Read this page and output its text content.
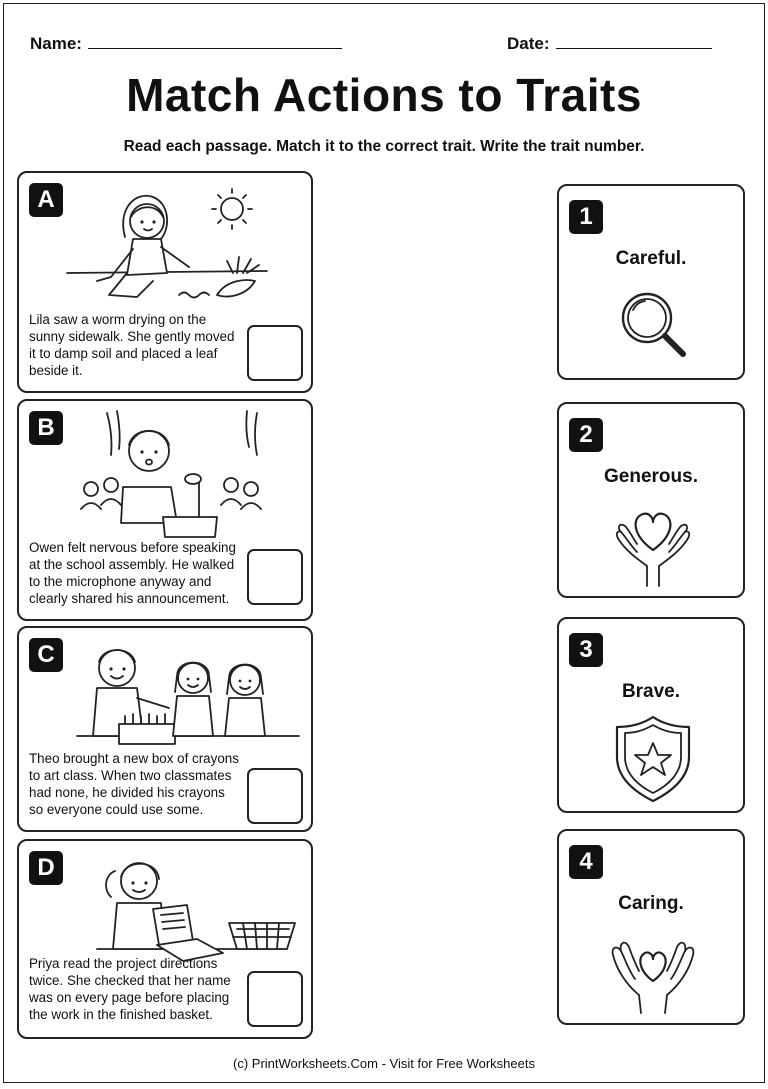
Name:	Date:
Match Actions to Traits
Read each passage. Match it to the correct trait. Write the trait number.
A
Lila saw a worm drying on the sunny sidewalk. She gently moved it to damp soil and placed a leaf beside it.
B
Owen felt nervous before speaking at the school assembly. He walked to the microphone anyway and clearly shared his announcement.
C
Theo brought a new box of crayons to art class. When two classmates had none, he divided his crayons so everyone could use some.
D
Priya read the project directions twice. She checked that her name was on every page before placing the work in the finished basket.
1
Careful.
2
Generous.
3
Brave.
4
Caring.
(c) PrintWorksheets.Com - Visit for Free Worksheets
